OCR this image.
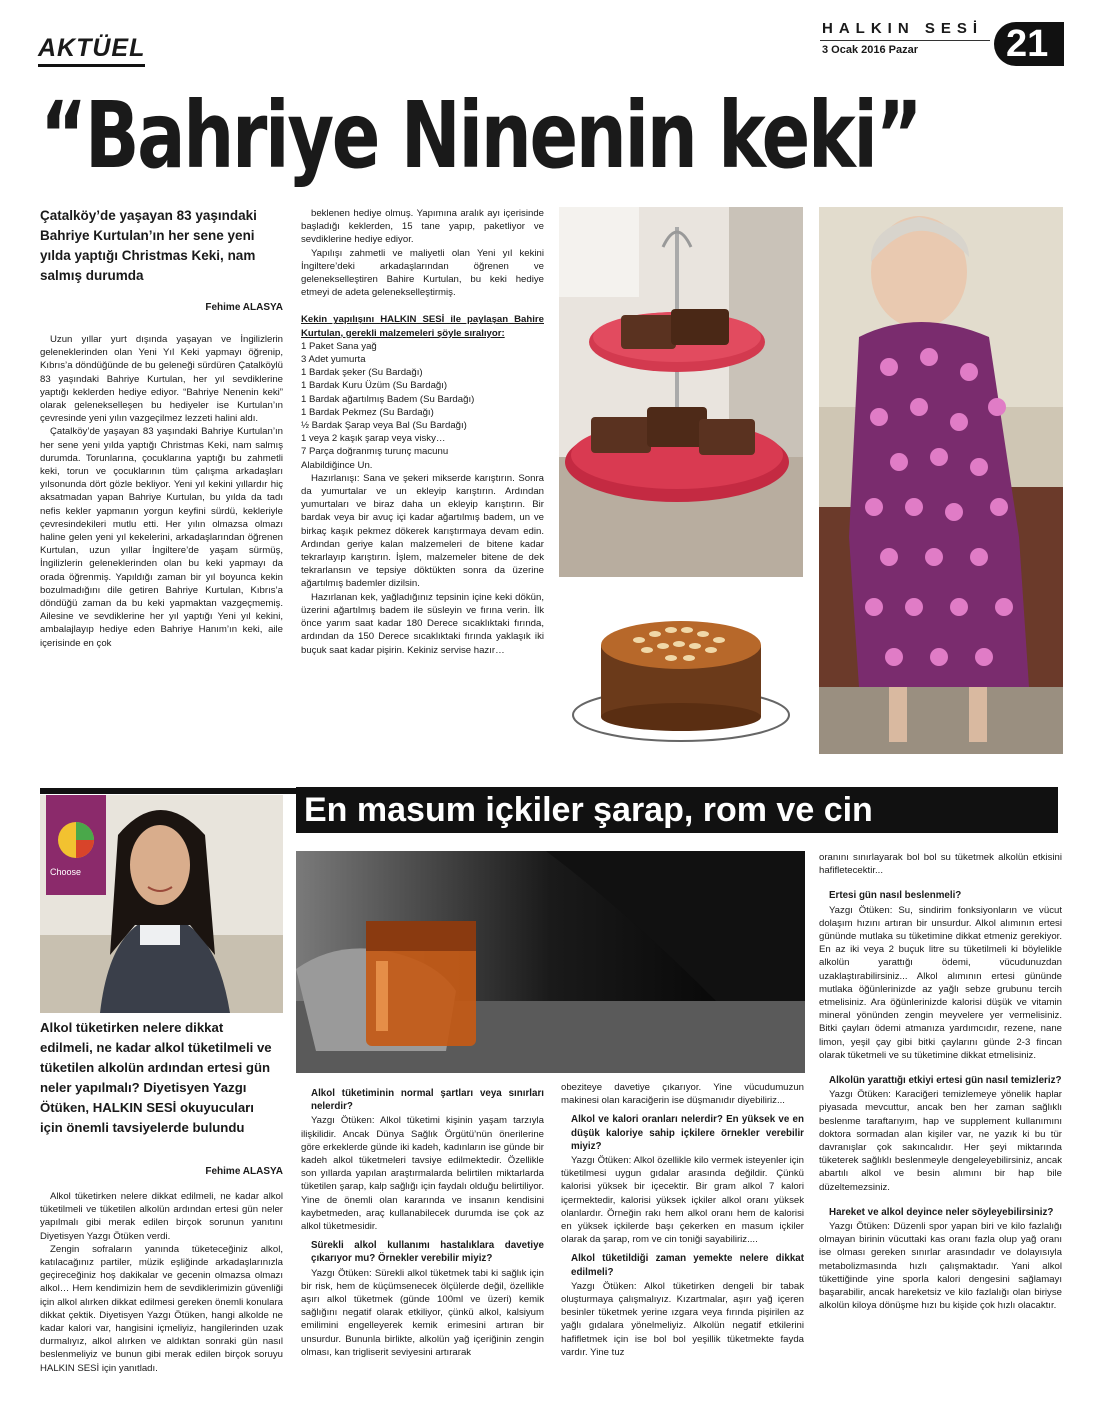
AKTÜEL
HALKIN SESİ
3 Ocak 2016 Pazar	21
“Bahriye Ninenin keki”
Çatalköy’de yaşayan 83 yaşındaki Bahriye Kurtulan’ın her sene yeni yılda yaptığı Christmas Keki, nam salmış durumda
Fehime ALASYA

Uzun yıllar yurt dışında yaşayan ve İngilizlerin geleneklerinden olan Yeni Yıl Keki yapmayı öğrenip, Kıbrıs’a döndüğünde de bu geleneği sürdüren Çatalköylü 83 yaşındaki Bahriye Kurtulan, her yıl sevdiklerine yaptığı keklerden hediye ediyor. “Bahriye Nenenin keki” olarak gelenekselleşen bu hediyeler ise Kurtulan’ın çevresinde yeni yılın vazgeçilmez lezzeti halini aldı.

Çatalköy’de yaşayan 83 yaşındaki Bahriye Kurtulan’ın her sene yeni yılda yaptığı Christmas Keki, nam salmış durumda. Torunlarına, çocuklarına yaptığı bu zahmetli keki, torun ve çocuklarının tüm çalışma arkadaşları yılsonunda dört gözle bekliyor. Yeni yıl kekini yıllardır hiç aksatmadan yapan Bahriye Kurtulan, bu yılda da tadı nefis kekler yapmanın yorgun keyfini sürdü, kekleriyle çevresindekileri mutlu etti. Her yılın olmazsa olmazı haline gelen yeni yıl kekelerini, arkadaşlarından öğrenen Kurtulan, uzun yıllar İngiltere’de yaşam sürmüş, İngilizlerin geleneklerinden olan bu keki yapmayı da orada öğrenmiş. Yapıldığı zaman bir yıl boyunca kekin bozulmadığını dile getiren Bahriye Kurtulan, Kıbrıs’a döndüğü zaman da bu keki yapmaktan vazgeçmemiş. Ailesine ve sevdiklerine her yıl yaptığı Yeni yıl kekini, ambalajlayıp hediye eden Bahriye Hanım’ın keki, aile içerisinde en çok

beklenen hediye olmuş. Yapımına aralık ayı içerisinde başladığı keklerden, 15 tane yapıp, paketliyor ve sevdiklerine hediye ediyor.

Yapılışı zahmetli ve maliyetli olan Yeni yıl kekini İngiltere’deki arkadaşlarından öğrenen ve gelenekselleştiren Bahire Kurtulan, bu keki hediye etmeyi de adeta gelenekselleştirmiş.

Kekin yapılışını HALKIN SESİ ile paylaşan Bahire Kurtulan, gerekli malzemeleri şöyle sıralıyor:

1 Paket Sana yağ

3 Adet yumurta

1 Bardak şeker (Su Bardağı)

1 Bardak Kuru Üzüm (Su Bardağı)

1 Bardak ağartılmış Badem (Su Bardağı)

1 Bardak Pekmez (Su Bardağı)

½ Bardak Şarap veya Bal (Su Bardağı)

1 veya 2 kaşık şarap veya visky…

7 Parça doğranmış turunç macunu

Alabildiğince Un.

Hazırlanışı: Sana ve şekeri mikserde karıştırın. Sonra da yumurtalar ve un ekleyip karıştırın. Ardından yumurtaları ve biraz daha un ekleyip karıştırın. Bir bardak veya bir avuç içi kadar ağartılmış badem, un ve birkaç kaşık pekmez dökerek karıştırmaya devam edin. Ardından geriye kalan malzemeleri de bitene kadar tekrarlayıp karıştırın. İşlem, malzemeler bitene de dek tekrarlansın ve tepsiye döktükten sonra da üzerine ağartılmış bademler dizilsin.

Hazırlanan kek, yağladığınız tepsinin içine keki dökün, üzerini ağartılmış badem ile süsleyin ve fırına verin. İlk önce yarım saat kadar 180 Derece sıcaklıktaki fırında, ardından da 150 Derece sıcaklıktaki fırında yaklaşık iki buçuk saat kadar pişirin. Kekiniz servise hazır…

En masum içkiler şarap, rom ve cin
Choose
Alkol tüketirken nelere dikkat edilmeli, ne kadar alkol tüketilmeli ve tüketilen alkolün ardından ertesi gün neler yapılmalı? Diyetisyen Yazgı Ötüken, HALKIN SESİ okuyucuları için önemli tavsiyelerde bulundu
Fehime ALASYA

Alkol tüketirken nelere dikkat edilmeli, ne kadar alkol tüketilmeli ve tüketilen alkolün ardından ertesi gün neler yapılmalı gibi merak edilen birçok sorunun yanıtını Diyetisyen Yazgı Ötüken verdi.

Zengin sofraların yanında tüketeceğiniz alkol, katılacağınız partiler, müzik eşliğinde arkadaşlarınızla geçireceğiniz hoş dakikalar ve gecenin olmazsa olmazı alkol… Hem kendimizin hem de sevdiklerimizin güvenliği için alkol alırken dikkat edilmesi gereken önemli konulara dikkat çektik. Diyetisyen Yazgı Ötüken, hangi alkolde ne kadar kalori var, hangisini içmeliyiz, hangilerinden uzak durmalıyız, alkol alırken ve aldıktan sonraki gün nasıl beslenmeliyiz ve bunun gibi merak edilen birçok soruyu HALKIN SESİ için yanıtladı.

Alkol tüketiminin normal şartları veya sınırları nelerdir?

Yazgı Ötüken: Alkol tüketimi kişinin yaşam tarzıyla ilişkilidir. Ancak Dünya Sağlık Örgütü’nün önerilerine göre erkeklerde günde iki kadeh, kadınların ise günde bir kadeh alkol tüketmeleri tavsiye edilmektedir. Özellikle son yıllarda yapılan araştırmalarda belirtilen miktarlarda tüketilen şarap, kalp sağlığı için faydalı olduğu belirtiliyor. Yine de önemli olan kararında ve insanın kendisini kaybetmeden, araç kullanabilecek durumda ise çok az alkol tüketmesidir.

Sürekli alkol kullanımı hastalıklara davetiye çıkarıyor mu? Örnekler verebilir miyiz?

Yazgı Ötüken: Sürekli alkol tüketmek tabi ki sağlık için bir risk, hem de küçümsenecek ölçülerde değil, özellikle aşırı alkol tüketmek (günde 100ml ve üzeri) kemik sağlığını negatif olarak etkiliyor, çünkü alkol, kalsiyum emilimini engelleyerek kemik erimesini artıran bir unsurdur. Bununla birlikte, alkolün yağ içeriğinin zengin olması, kan trigliserit seviyesini artırarak

obeziteye davetiye çıkarıyor. Yine vücudumuzun makinesi olan karaciğerin ise düşmanıdır diyebiliriz...

Alkol ve kalori oranları nelerdir? En yüksek ve en düşük kaloriye sahip içkilere örnekler verebilir miyiz?

Yazgı Ötüken: Alkol özellikle kilo vermek isteyenler için tüketilmesi uygun gıdalar arasında değildir. Çünkü kalorisi yüksek bir içecektir. Bir gram alkol 7 kalori içermektedir, kalorisi yüksek içkiler alkol oranı yüksek olanlardır. Örneğin rakı hem alkol oranı hem de kalorisi en yüksek içkilerde başı çekerken en masum içkiler olarak da şarap, rom ve cin toniği sayabiliriz....

Alkol tüketildiği zaman yemekte nelere dikkat edilmeli?

Yazgı Ötüken: Alkol tüketirken dengeli bir tabak oluşturmaya çalışmalıyız. Kızartmalar, aşırı yağ içeren besinler tüketmek yerine ızgara veya fırında pişirilen az yağlı gıdalara yönelmeliyiz. Alkolün negatif etkilerini hafifletmek için ise bol bol yeşillik tüketmekte fayda vardır. Yine tuz

oranını sınırlayarak bol bol su tüketmek alkolün etkisini hafifletecektir...

Ertesi gün nasıl beslenmeli?

Yazgı Ötüken: Su, sindirim fonksiyonların ve vücut dolaşım hızını artıran bir unsurdur. Alkol alımının ertesi gününde mutlaka su tüketimine dikkat etmeniz gerekiyor. En az iki veya 2 buçuk litre su tüketilmeli ki böylelikle alkolün yarattığı ödemi, vücudunuzdan uzaklaştırabilirsiniz... Alkol alımının ertesi gününde mutlaka öğünlerinizde az yağlı sebze grubunu tercih etmelisiniz. Ara öğünlerinizde kalorisi düşük ve vitamin mineral yönünden zengin meyvelere yer vermelisiniz. Bitki çayları ödemi atmanıza yardımcıdır, rezene, nane limon, yeşil çay gibi bitki çaylarını günde 2-3 fincan olarak tüketmeli ve su tüketimine dikkat etmelisiniz.

Alkolün yarattığı etkiyi ertesi gün nasıl temizleriz?

Yazgı Ötüken: Karaciğeri temizlemeye yönelik haplar piyasada mevcuttur, ancak ben her zaman sağlıklı beslenme taraftarıyım, hap ve supplement kullanımını doktora sormadan alan kişiler var, ne yazık ki bu tür davranışlar çok sakıncalıdır. Her şeyi miktarında tüketerek sağlıklı beslenmeyle dengeleyebilirsiniz, ancak abartılı alkol ve besin alımını bir hap bile düzeltemezsiniz.

Hareket ve alkol deyince neler söyleyebilirsiniz?

Yazgı Ötüken: Düzenli spor yapan biri ve kilo fazlalığı olmayan birinin vücuttaki kas oranı fazla olup yağ oranı ise olması gereken sınırlar arasındadır ve dolayısıyla metabolizmasında hızlı çalışmaktadır. Yani alkol tükettiğinde yine sporla kalori dengesini sağlamayı başarabilir, ancak hareketsiz ve kilo fazlalığı olan biriyse alkolün kiloya dönüşme hızı bu kişide çok hızlı olacaktır.
